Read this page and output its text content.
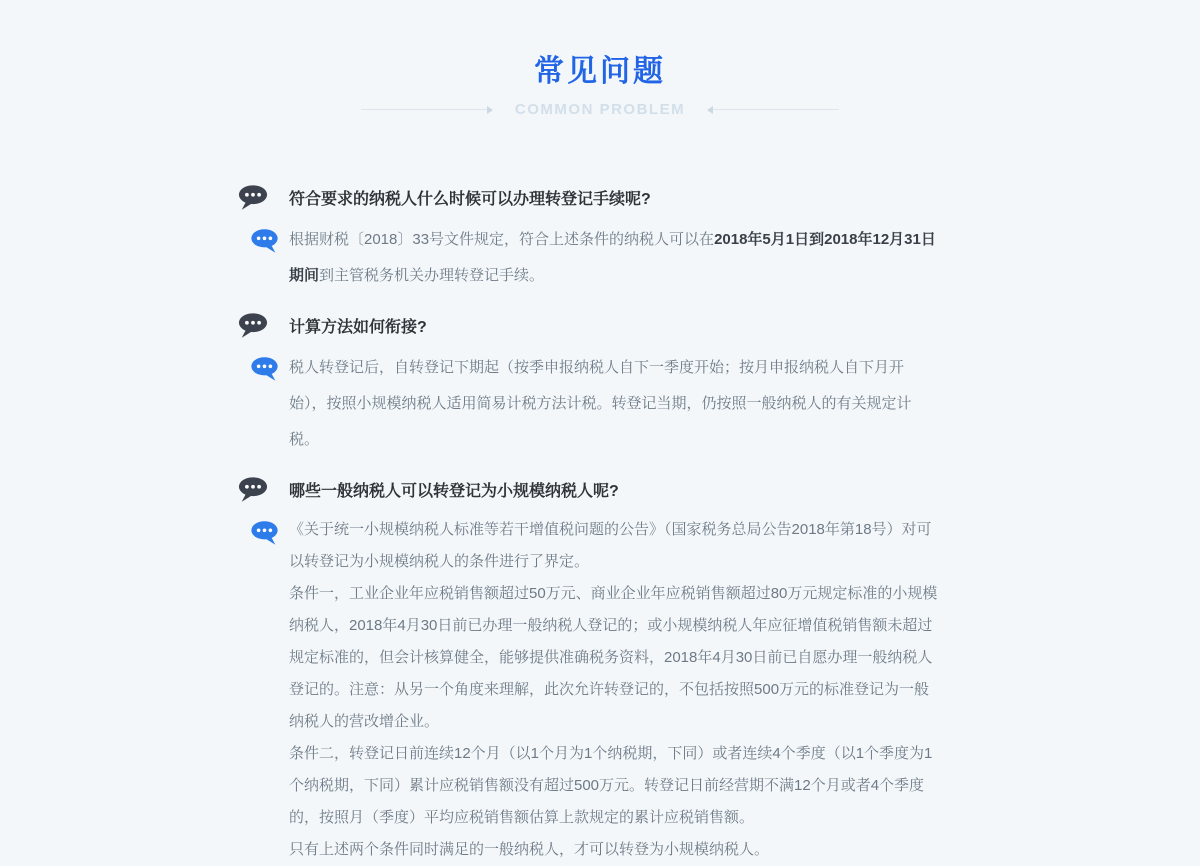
常见问题
COMMON PROBLEM
符合要求的纳税人什么时候可以办理转登记手续呢?

根据财税〔2018〕33号文件规定，符合上述条件的纳税人可以在2018年5月1日到2018年12月31日期间到主管税务机关办理转登记手续。

计算方法如何衔接?

税人转登记后，自转登记下期起（按季申报纳税人自下一季度开始；按月申报纳税人自下月开始），按照小规模纳税人适用简易计税方法计税。转登记当期，仍按照一般纳税人的有关规定计税。

哪些一般纳税人可以转登记为小规模纳税人呢?

《关于统一小规模纳税人标准等若干增值税问题的公告》（国家税务总局公告2018年第18号）对可以转登记为小规模纳税人的条件进行了界定。

条件一，工业企业年应税销售额超过50万元、商业企业年应税销售额超过80万元规定标准的小规模纳税人，2018年4月30日前已办理一般纳税人登记的；或小规模纳税人年应征增值税销售额未超过规定标准的，但会计核算健全，能够提供准确税务资料，2018年4月30日前已自愿办理一般纳税人登记的。注意：从另一个角度来理解，此次允许转登记的，不包括按照500万元的标准登记为一般纳税人的营改增企业。

条件二，转登记日前连续12个月（以1个月为1个纳税期，下同）或者连续4个季度（以1个季度为1个纳税期，下同）累计应税销售额没有超过500万元。转登记日前经营期不满12个月或者4个季度的，按照月（季度）平均应税销售额估算上款规定的累计应税销售额。

只有上述两个条件同时满足的一般纳税人，才可以转登为小规模纳税人。
